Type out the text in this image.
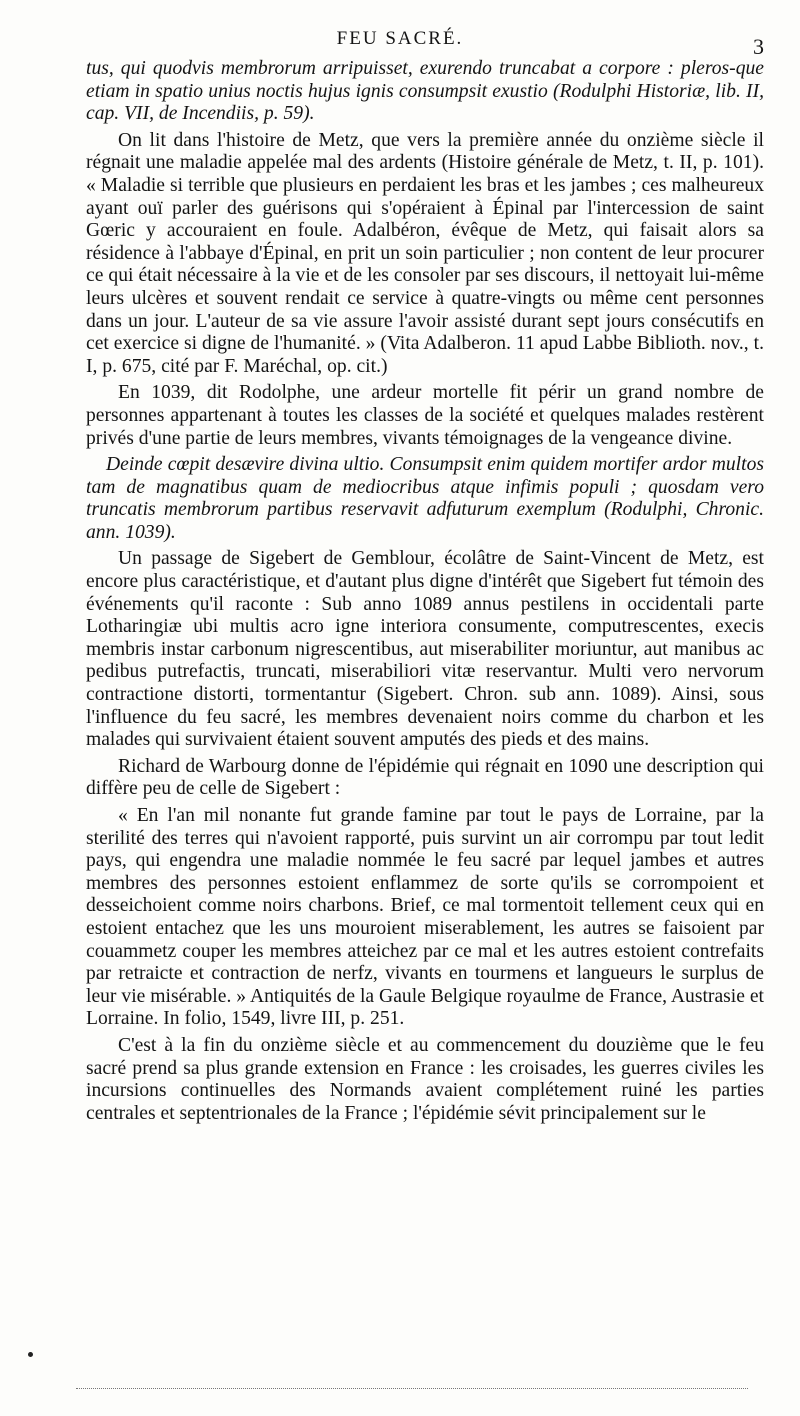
FEU SACRÉ.	3

tus, qui quodvis membrorum arripuisset, exurendo truncabat a corpore : pleros-que etiam in spatio unius noctis hujus ignis consumpsit exustio (Rodulphi Historiæ, lib. II, cap. VII, de Incendiis, p. 59).

On lit dans l'histoire de Metz, que vers la première année du onzième siècle il régnait une maladie appelée mal des ardents (Histoire générale de Metz, t. II, p. 101). « Maladie si terrible que plusieurs en perdaient les bras et les jambes ; ces malheureux ayant ouï parler des guérisons qui s'opéraient à Épinal par l'intercession de saint Gœric y accouraient en foule. Adalbéron, évêque de Metz, qui faisait alors sa résidence à l'abbaye d'Épinal, en prit un soin particulier ; non content de leur procurer ce qui était nécessaire à la vie et de les consoler par ses discours, il nettoyait lui-même leurs ulcères et souvent rendait ce service à quatre-vingts ou même cent personnes dans un jour. L'auteur de sa vie assure l'avoir assisté durant sept jours consécutifs en cet exercice si digne de l'humanité. » (Vita Adalberon. 11 apud Labbe Biblioth. nov., t. I, p. 675, cité par F. Maréchal, op. cit.)

En 1039, dit Rodolphe, une ardeur mortelle fit périr un grand nombre de personnes appartenant à toutes les classes de la société et quelques malades restèrent privés d'une partie de leurs membres, vivants témoignages de la vengeance divine.

Deinde cœpit desævire divina ultio. Consumpsit enim quidem mortifer ardor multos tam de magnatibus quam de mediocribus atque infimis populi ; quosdam vero truncatis membrorum partibus reservavit adfuturum exemplum (Rodulphi, Chronic. ann. 1039).

Un passage de Sigebert de Gemblour, écolâtre de Saint-Vincent de Metz, est encore plus caractéristique, et d'autant plus digne d'intérêt que Sigebert fut témoin des événements qu'il raconte : Sub anno 1089 annus pestilens in occidentali parte Lotharingiæ ubi multis acro igne interiora consumente, computrescentes, execis membris instar carbonum nigrescentibus, aut miserabiliter moriuntur, aut manibus ac pedibus putrefactis, truncati, miserabiliori vitæ reservantur. Multi vero nervorum contractione distorti, tormentantur (Sigebert. Chron. sub ann. 1089). Ainsi, sous l'influence du feu sacré, les membres devenaient noirs comme du charbon et les malades qui survivaient étaient souvent amputés des pieds et des mains.

Richard de Warbourg donne de l'épidémie qui régnait en 1090 une description qui diffère peu de celle de Sigebert :

« En l'an mil nonante fut grande famine par tout le pays de Lorraine, par la sterilité des terres qui n'avoient rapporté, puis survint un air corrompu par tout ledit pays, qui engendra une maladie nommée le feu sacré par lequel jambes et autres membres des personnes estoient enflammez de sorte qu'ils se corrompoient et desseichoient comme noirs charbons. Brief, ce mal tormentoit tellement ceux qui en estoient entachez que les uns mouroient miserablement, les autres se faisoient par couammetz couper les membres atteichez par ce mal et les autres estoient contrefaits par retraicte et contraction de nerfz, vivants en tourmens et langueurs le surplus de leur vie misérable. » Antiquités de la Gaule Belgique royaulme de France, Austrasie et Lorraine. In folio, 1549, livre III, p. 251.

C'est à la fin du onzième siècle et au commencement du douzième que le feu sacré prend sa plus grande extension en France : les croisades, les guerres civiles les incursions continuelles des Normands avaient complétement ruiné les parties centrales et septentrionales de la France ; l'épidémie sévit principalement sur le
